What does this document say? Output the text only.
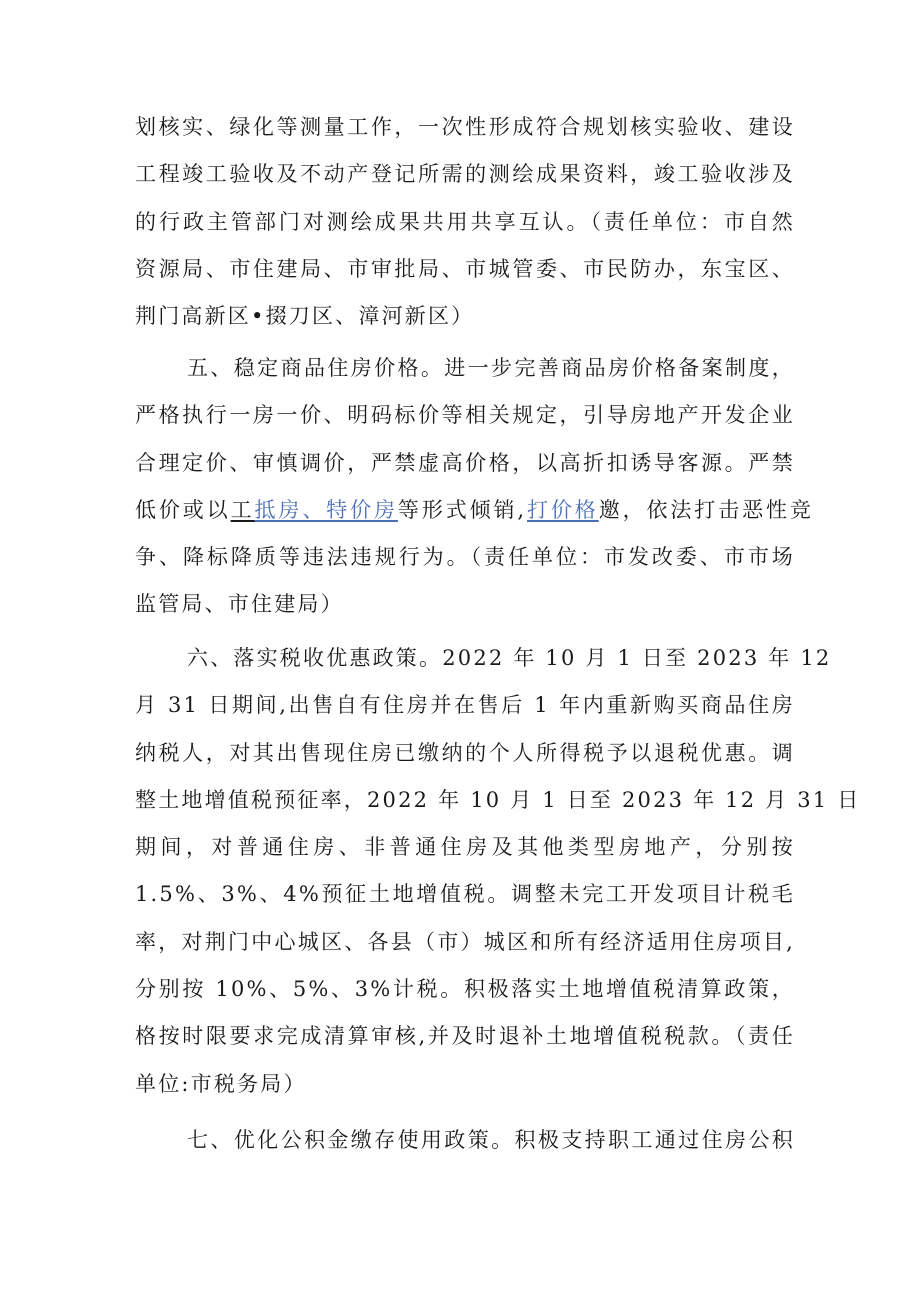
划核实、绿化等测量工作，一次性形成符合规划核实验收、建设
工程竣工验收及不动产登记所需的测绘成果资料，竣工验收涉及
的行政主管部门对测绘成果共用共享互认。（责任单位：市自然
资源局、市住建局、市审批局、市城管委、市民防办，东宝区、
荆门高新区•掇刀区、漳河新区）
五、稳定商品住房价格。进一步完善商品房价格备案制度，
严格执行一房一价、明码标价等相关规定，引导房地产开发企业
合理定价、审慎调价，严禁虚高价格，以高折扣诱导客源。严禁
低价或以工抵房、特价房等形式倾销,打价格邀，依法打击恶性竞
争、降标降质等违法违规行为。（责任单位：市发改委、市市场
监管局、市住建局）
六、落实税收优惠政策。2022 年 10 月 1 日至 2023 年 12
月 31 日期间,出售自有住房并在售后 1 年内重新购买商品住房
纳税人，对其出售现住房已缴纳的个人所得税予以退税优惠。调
整土地增值税预征率，2022 年 10 月 1 日至 2023 年 12 月 31 日
期间，对普通住房、非普通住房及其他类型房地产，分别按
1.5%、3%、4%预征土地增值税。调整未完工开发项目计税毛
率，对荆门中心城区、各县（市）城区和所有经济适用住房项目,
分别按 10%、5%、3%计税。积极落实土地增值税清算政策，
格按时限要求完成清算审核,并及时退补土地增值税税款。（责任
单位:市税务局）
七、优化公积金缴存使用政策。积极支持职工通过住房公积
